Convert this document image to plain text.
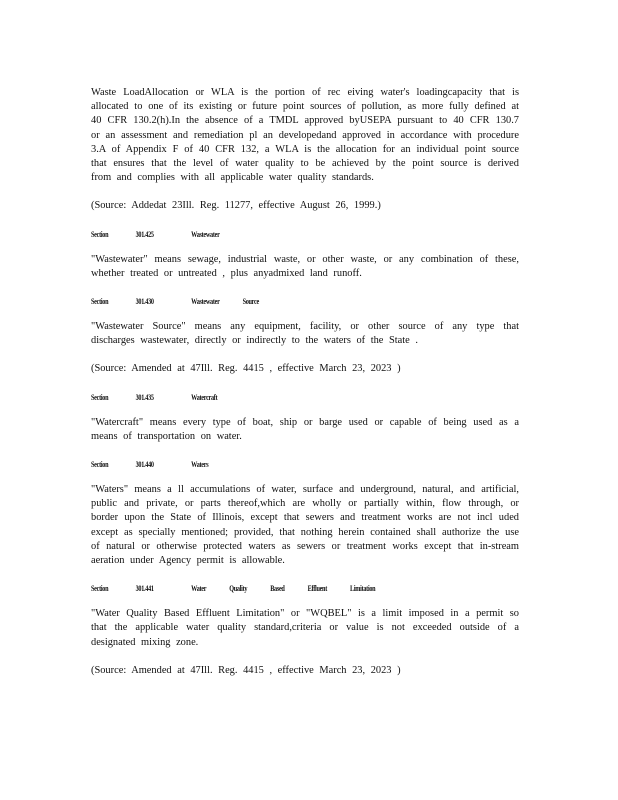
Waste LoadAllocation or WLA is the portion of rec eiving water's loadingcapacity that is allocated to one of its existing or future point sources of pollution, as more fully defined at 40 CFR 130.2(h).In the absence of a TMDL approved byUSEPA pursuant to 40 CFR 130.7 or an assessment and remediation pl an developedand approved in accordance with procedure 3.A of Appendix F of 40 CFR 132, a WLA is the allocation for an individual point source that ensures that the level of water quality to be achieved by the point source is derived from and complies with all applicable water quality standards.

(Source: Addedat 23Ill. Reg. 11277, effective August 26, 1999.)

Section	301.425	Wastewater

"Wastewater" means sewage, industrial waste, or other waste, or any combination of these, whether treated or untreated , plus anyadmixed land runoff.

Section	301.430	Wastewater	Source

"Wastewater Source" means any equipment, facility, or other source of any type that discharges wastewater, directly or indirectly to the waters of the State .

(Source: Amended at 47Ill. Reg. 4415 , effective March 23, 2023 )

Section	301.435	Watercraft

"Watercraft" means every type of boat, ship or barge used or capable of being used as a means of transportation on water.

Section	301.440	Waters

"Waters" means a ll accumulations of water, surface and underground, natural, and artificial, public and private, or parts thereof,which are wholly or partially within, flow through, or border upon the State of Illinois, except that sewers and treatment works are not incl uded except as specially mentioned; provided, that nothing herein contained shall authorize the use of natural or otherwise protected waters as sewers or treatment works except that in-stream aeration under Agency permit is allowable.

Section	301.441	Water	Quality	Based	Effluent	Limitation

"Water Quality Based Effluent Limitation" or "WQBEL" is a limit imposed in a permit so that the applicable water quality standard,criteria or value is not exceeded outside of a designated mixing zone.

(Source: Amended at 47Ill. Reg. 4415 , effective March 23, 2023 )
